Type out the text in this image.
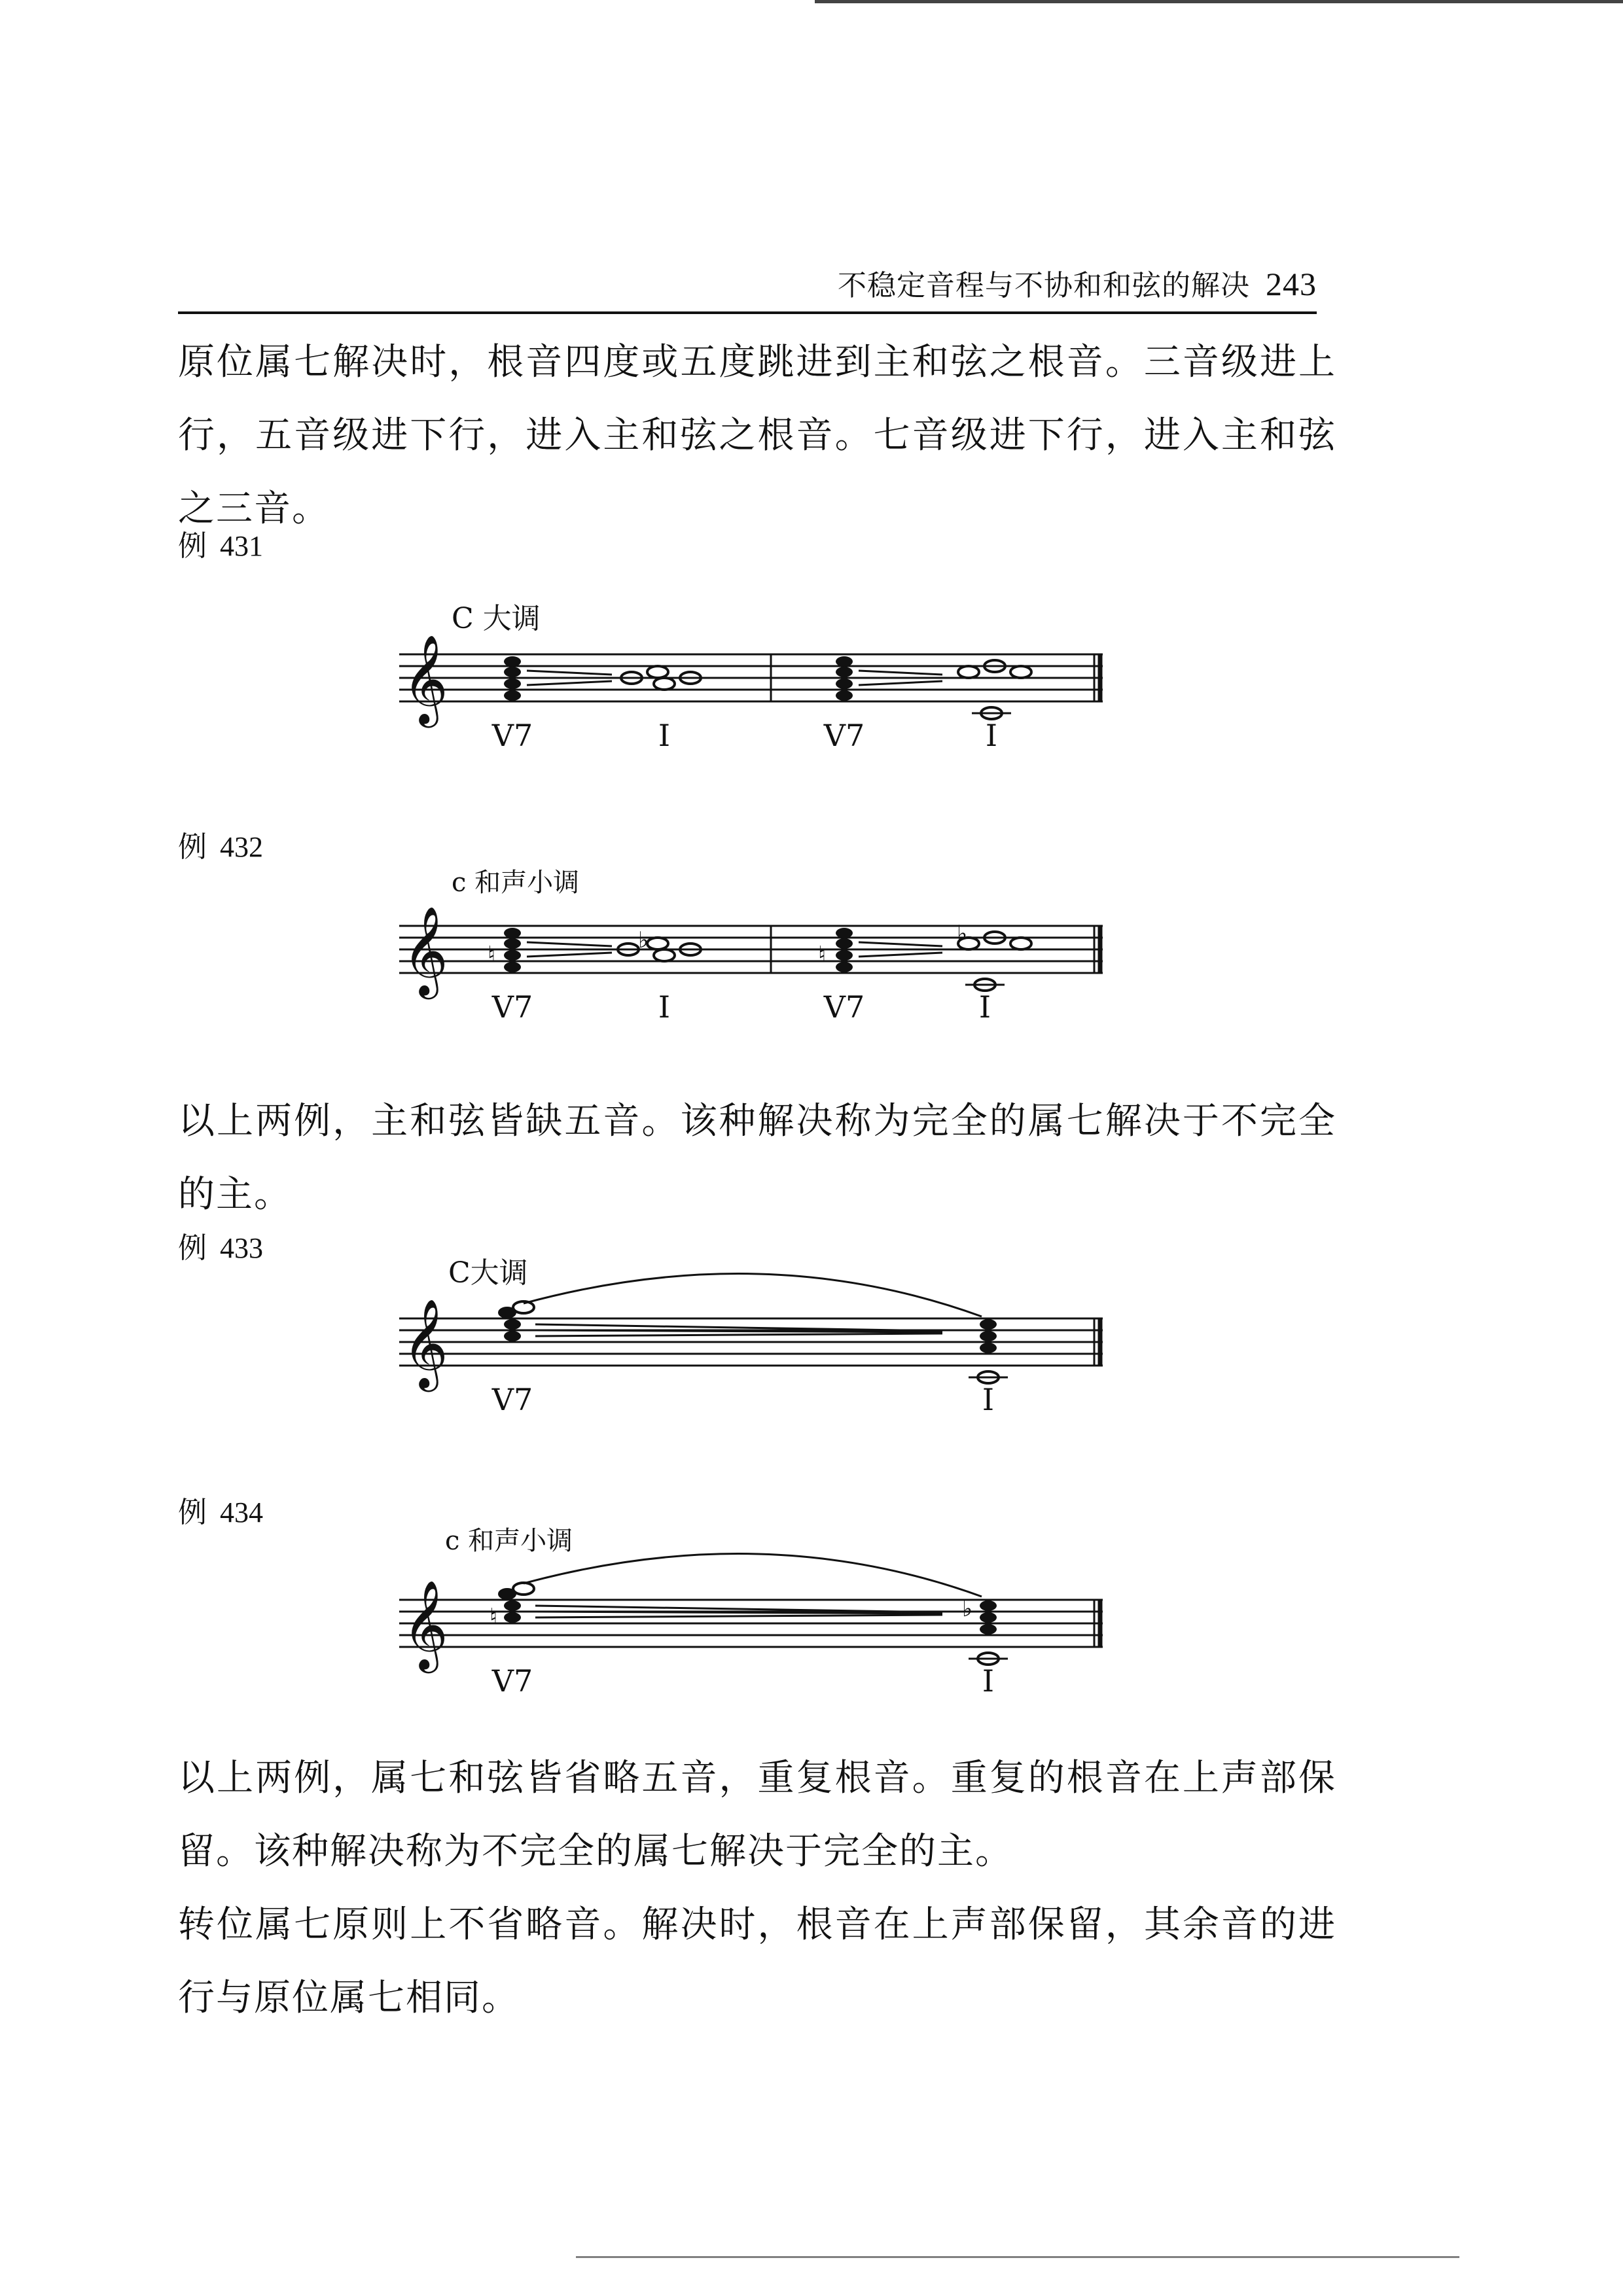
不稳定音程与不协和和弦的解决 243

原位属七解决时，根音四度或五度跳进到主和弦之根音。三音级进上行，五音级进下行，进入主和弦之根音。七音级进下行，进入主和弦之三音。

例 431
𝄞
C 大调
V7	I	V7	I
例 432
𝄞
c 和声小调
♮
♭
♮
♭
V7	I	V7	I

以上两例，主和弦皆缺五音。该种解决称为完全的属七解决于不完全的主。

例 433
𝄞
C大调
V7	I
例 434
𝄞
c 和声小调
♮	♭
V7	I

以上两例，属七和弦皆省略五音，重复根音。重复的根音在上声部保留。该种解决称为不完全的属七解决于完全的主。

转位属七原则上不省略音。解决时，根音在上声部保留，其余音的进行与原位属七相同。
